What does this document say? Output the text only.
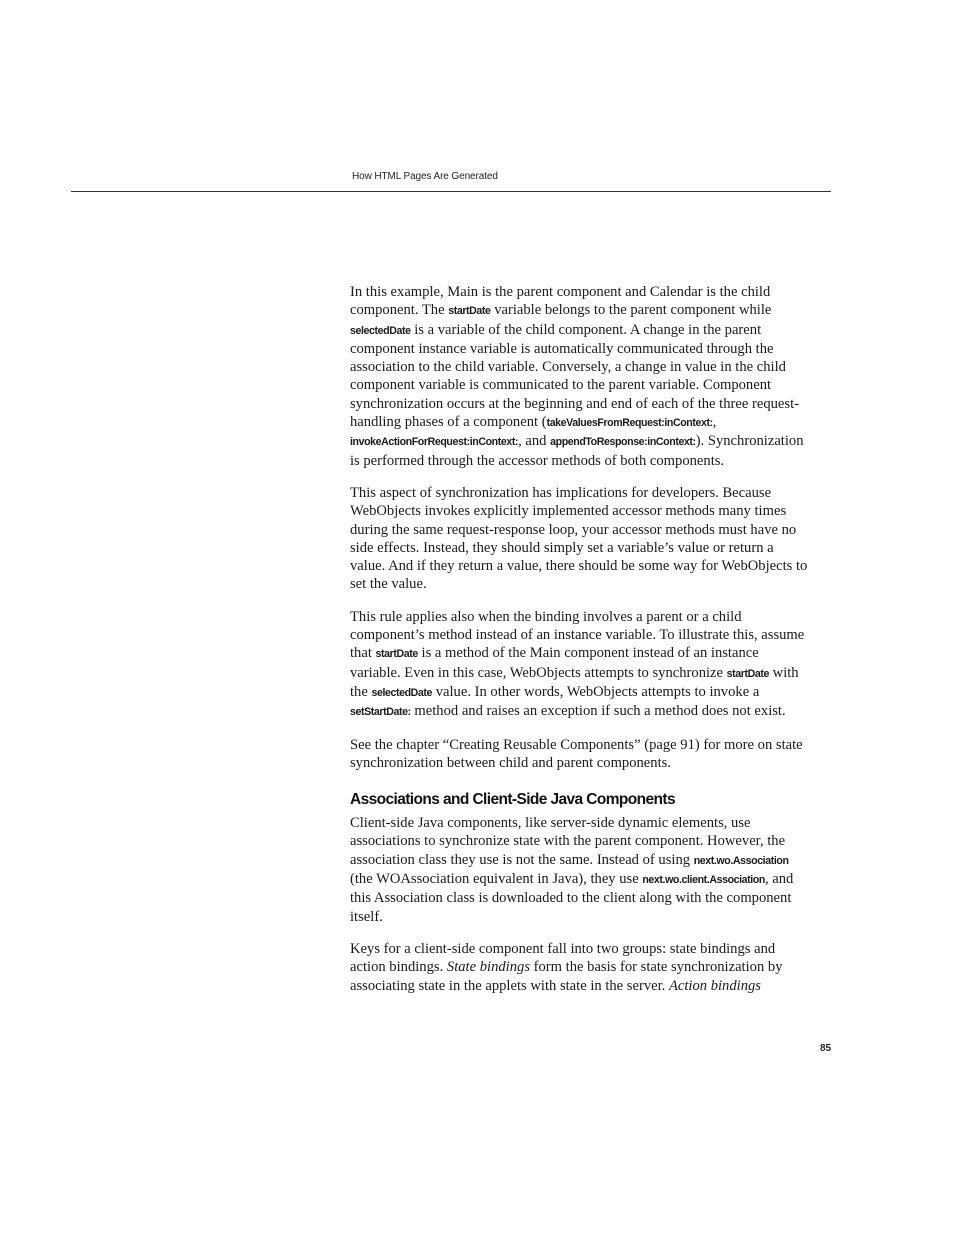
How HTML Pages Are Generated

In this example, Main is the parent component and Calendar is the child component. The startDate variable belongs to the parent component while selectedDate is a variable of the child component. A change in the parent component instance variable is automatically communicated through the association to the child variable. Conversely, a change in value in the child component variable is communicated to the parent variable. Component synchronization occurs at the beginning and end of each of the three request-handling phases of a component (takeValuesFromRequest:inContext:, invokeActionForRequest:inContext:, and appendToResponse:inContext:). Synchronization is performed through the accessor methods of both components.

This aspect of synchronization has implications for developers. Because WebObjects invokes explicitly implemented accessor methods many times during the same request-response loop, your accessor methods must have no side effects. Instead, they should simply set a variable’s value or return a value. And if they return a value, there should be some way for WebObjects to set the value.

This rule applies also when the binding involves a parent or a child component’s method instead of an instance variable. To illustrate this, assume that startDate is a method of the Main component instead of an instance variable. Even in this case, WebObjects attempts to synchronize startDate with the selectedDate value. In other words, WebObjects attempts to invoke a setStartDate: method and raises an exception if such a method does not exist.

See the chapter “Creating Reusable Components” (page 91) for more on state synchronization between child and parent components.

Associations and Client-Side Java Components

Client-side Java components, like server-side dynamic elements, use associations to synchronize state with the parent component. However, the association class they use is not the same. Instead of using next.wo.Association (the WOAssociation equivalent in Java), they use next.wo.client.Association, and this Association class is downloaded to the client along with the component itself.

Keys for a client-side component fall into two groups: state bindings and action bindings. State bindings form the basis for state synchronization by associating state in the applets with state in the server. Action bindings

85
